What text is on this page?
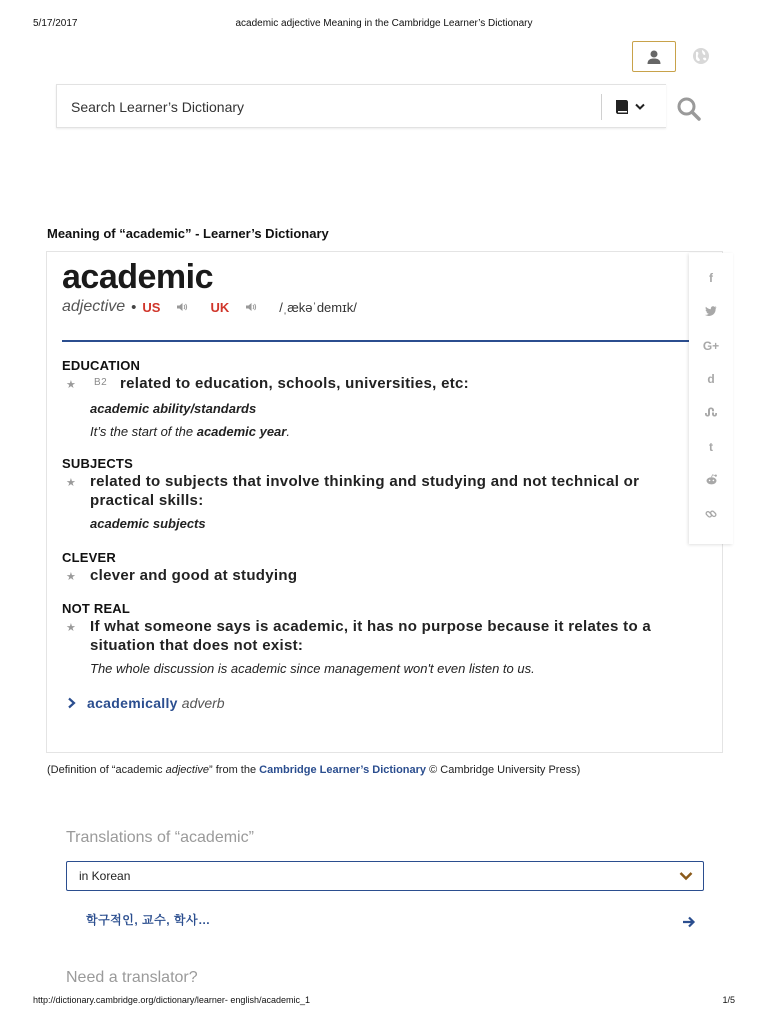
5/17/2017	academic adjective Meaning in the Cambridge Learner’s Dictionary
Search Learner’s Dictionary
Meaning of “academic” - Learner’s Dictionary
academic
adjective • US	UK	/ˌækəˈdemɪk/
EDUCATION
★ B2 related to education, schools, universities, etc:
academic ability/standards
It’s the start of the academic year.
SUBJECTS
★ related to subjects that involve thinking and studying and not technical or practical skills:
academic subjects
CLEVER
★ clever and good at studying
NOT REAL
★ If what someone says is academic, it has no purpose because it relates to a situation that does not exist:
The whole discussion is academic since management won't even listen to us.
academically adverb
f
G+
d
t
(Definition of “academic adjective” from the Cambridge Learner’s Dictionary © Cambridge University Press)
Translations of “academic”
in Korean
학구적인, 교수, 학사…
Need a translator?
http://dictionary.cambridge.org/dictionary/learner- english/academic_1	1/5
